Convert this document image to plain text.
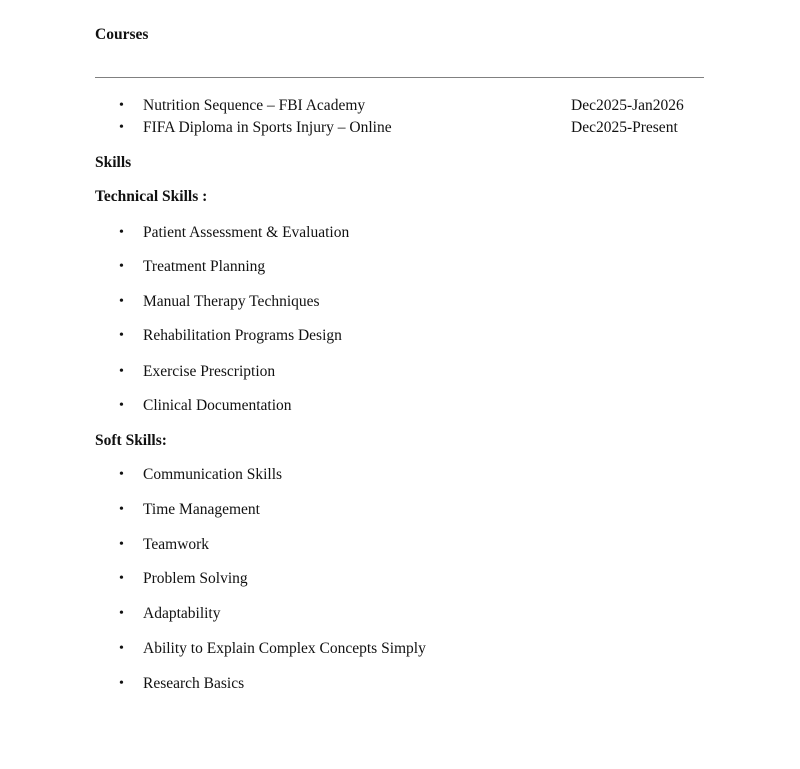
Courses
• Nutrition Sequence – FBI Academy	Dec2025-Jan2026
• FIFA Diploma in Sports Injury – Online	Dec2025-Present
Skills
Technical Skills :
• Patient Assessment & Evaluation
• Treatment Planning
• Manual Therapy Techniques
• Rehabilitation Programs Design
• Exercise Prescription
• Clinical Documentation
Soft Skills:
• Communication Skills
• Time Management
• Teamwork
• Problem Solving
• Adaptability
• Ability to Explain Complex Concepts Simply
• Research Basics
